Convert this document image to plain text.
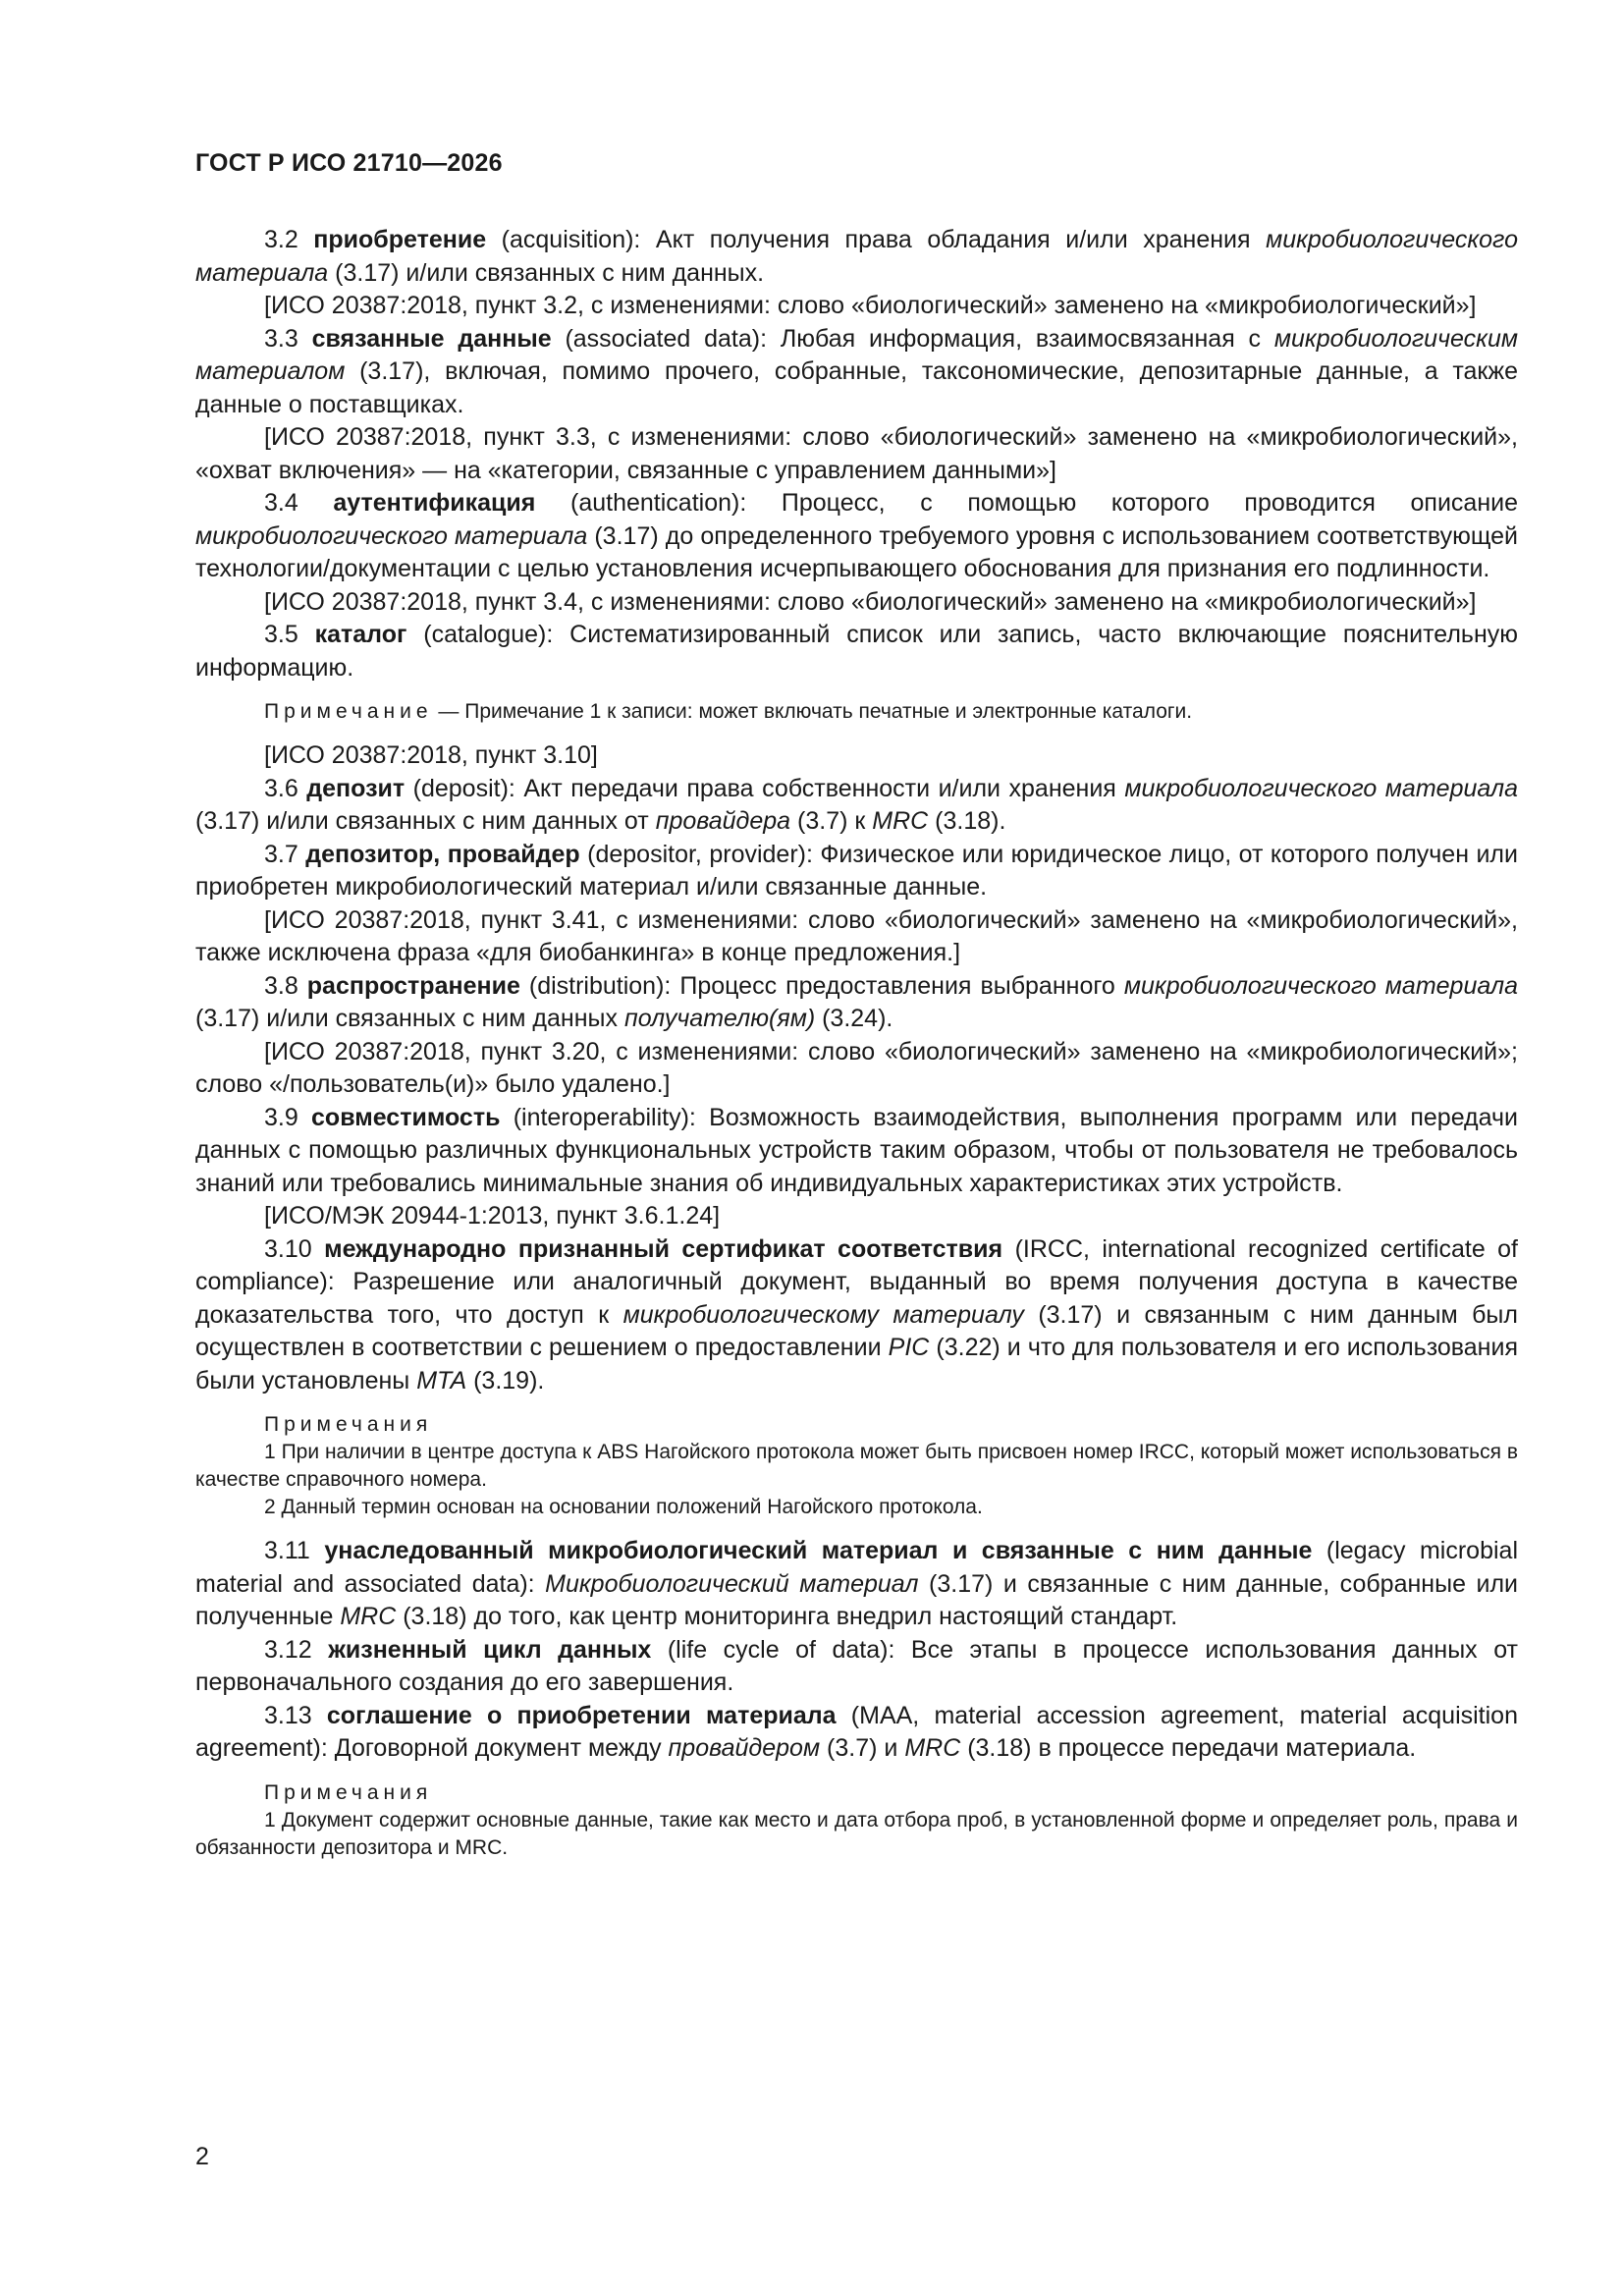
ГОСТ Р ИСО 21710—2026

3.2 приобретение (acquisition): Акт получения права обладания и/или хранения микробиологического материала (3.17) и/или связанных с ним данных.

[ИСО 20387:2018, пункт 3.2, с изменениями: слово «биологический» заменено на «микробиологический»]

3.3 связанные данные (associated data): Любая информация, взаимосвязанная с микробиологическим материалом (3.17), включая, помимо прочего, собранные, таксономические, депозитарные данные, а также данные о поставщиках.

[ИСО 20387:2018, пункт 3.3, с изменениями: слово «биологический» заменено на «микробиологический», «охват включения» — на «категории, связанные с управлением данными»]

3.4 аутентификация (authentication): Процесс, с помощью которого проводится описание микробиологического материала (3.17) до определенного требуемого уровня с использованием соответствующей технологии/документации с целью установления исчерпывающего обоснования для признания его подлинности.

[ИСО 20387:2018, пункт 3.4, с изменениями: слово «биологический» заменено на «микробиологический»]

3.5 каталог (catalogue): Систематизированный список или запись, часто включающие пояснительную информацию.

Примечание — Примечание 1 к записи: может включать печатные и электронные каталоги.

[ИСО 20387:2018, пункт 3.10]

3.6 депозит (deposit): Акт передачи права собственности и/или хранения микробиологического материала (3.17) и/или связанных с ним данных от провайдера (3.7) к MRC (3.18).

3.7 депозитор, провайдер (depositor, provider): Физическое или юридическое лицо, от которого получен или приобретен микробиологический материал и/или связанные данные.

[ИСО 20387:2018, пункт 3.41, с изменениями: слово «биологический» заменено на «микробиологический», также исключена фраза «для биобанкинга» в конце предложения.]

3.8 распространение (distribution): Процесс предоставления выбранного микробиологического материала (3.17) и/или связанных с ним данных получателю(ям) (3.24).

[ИСО 20387:2018, пункт 3.20, с изменениями: слово «биологический» заменено на «микробиологический»; слово «/пользователь(и)» было удалено.]

3.9 совместимость (interoperability): Возможность взаимодействия, выполнения программ или передачи данных с помощью различных функциональных устройств таким образом, чтобы от пользователя не требовалось знаний или требовались минимальные знания об индивидуальных характеристиках этих устройств.

[ИСО/МЭК 20944-1:2013, пункт 3.6.1.24]

3.10 международно признанный сертификат соответствия (IRCC, international recognized certificate of compliance): Разрешение или аналогичный документ, выданный во время получения доступа в качестве доказательства того, что доступ к микробиологическому материалу (3.17) и связанным с ним данным был осуществлен в соответствии с решением о предоставлении PIC (3.22) и что для пользователя и его использования были установлены MTA (3.19).

Примечания

1 При наличии в центре доступа к ABS Нагойского протокола может быть присвоен номер IRCC, который может использоваться в качестве справочного номера.

2 Данный термин основан на основании положений Нагойского протокола.

3.11 унаследованный микробиологический материал и связанные с ним данные (legacy microbial material and associated data): Микробиологический материал (3.17) и связанные с ним данные, собранные или полученные MRC (3.18) до того, как центр мониторинга внедрил настоящий стандарт.

3.12 жизненный цикл данных (life cycle of data): Все этапы в процессе использования данных от первоначального создания до его завершения.

3.13 соглашение о приобретении материала (MAA, material accession agreement, material acquisition agreement): Договорной документ между провайдером (3.7) и MRC (3.18) в процессе передачи материала.

Примечания

1 Документ содержит основные данные, такие как место и дата отбора проб, в установленной форме и определяет роль, права и обязанности депозитора и MRC.

2
